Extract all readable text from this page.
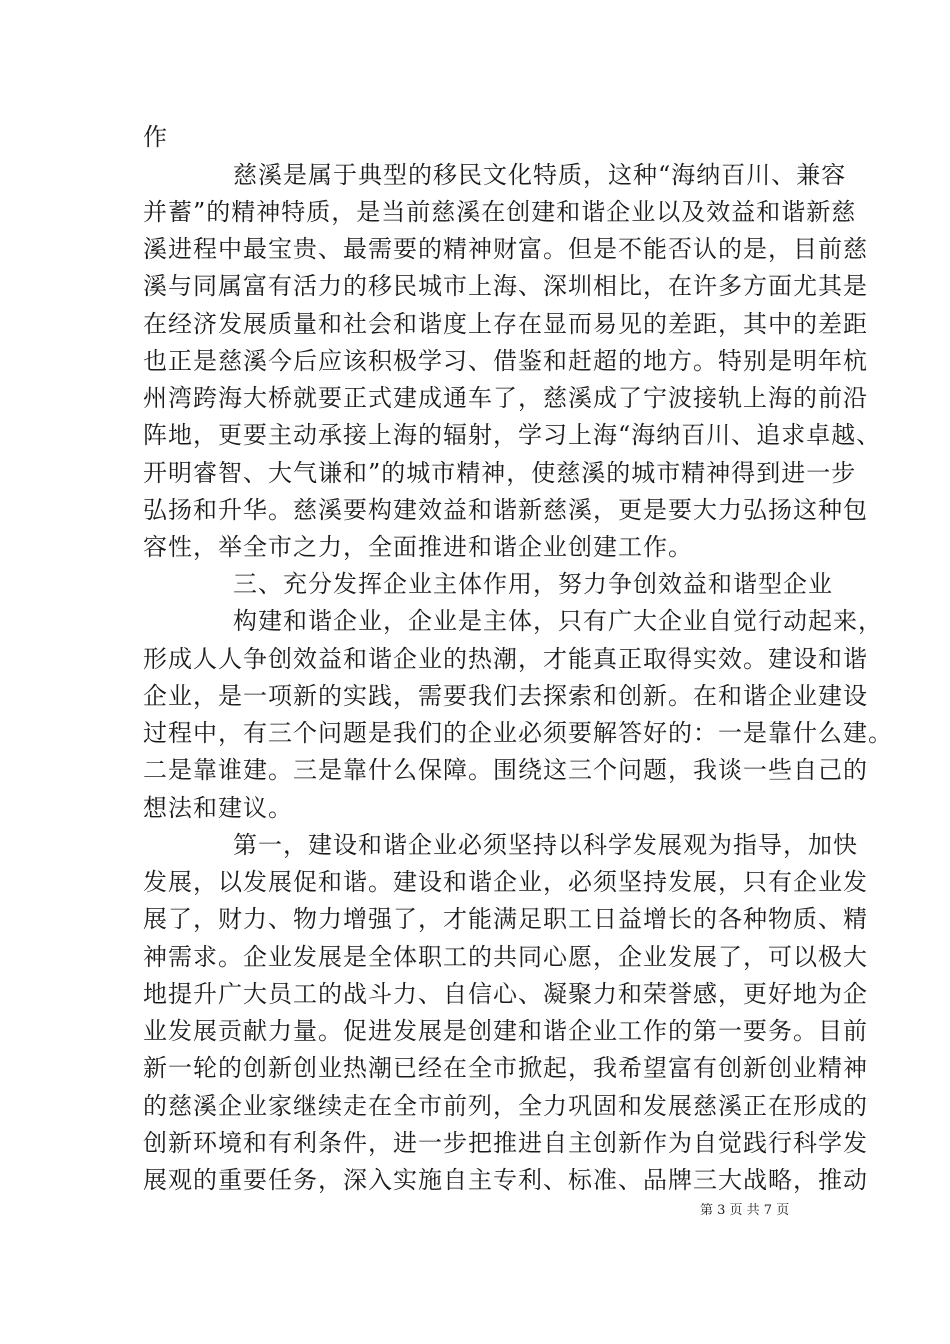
作
慈溪是属于典型的移民文化特质，这种“海纳百川、兼容
并蓄”的精神特质，是当前慈溪在创建和谐企业以及效益和谐新慈
溪进程中最宝贵、最需要的精神财富。但是不能否认的是，目前慈
溪与同属富有活力的移民城市上海、深圳相比，在许多方面尤其是
在经济发展质量和社会和谐度上存在显而易见的差距，其中的差距
也正是慈溪今后应该积极学习、借鉴和赶超的地方。特别是明年杭
州湾跨海大桥就要正式建成通车了，慈溪成了宁波接轨上海的前沿
阵地，更要主动承接上海的辐射，学习上海“海纳百川、追求卓越、
开明睿智、大气谦和”的城市精神，使慈溪的城市精神得到进一步
弘扬和升华。慈溪要构建效益和谐新慈溪，更是要大力弘扬这种包
容性，举全市之力，全面推进和谐企业创建工作。
三、充分发挥企业主体作用，努力争创效益和谐型企业
构建和谐企业，企业是主体，只有广大企业自觉行动起来，
形成人人争创效益和谐企业的热潮，才能真正取得实效。建设和谐
企业，是一项新的实践，需要我们去探索和创新。在和谐企业建设
过程中，有三个问题是我们的企业必须要解答好的：一是靠什么建。
二是靠谁建。三是靠什么保障。围绕这三个问题，我谈一些自己的
想法和建议。
第一，建设和谐企业必须坚持以科学发展观为指导，加快
发展，以发展促和谐。建设和谐企业，必须坚持发展，只有企业发
展了，财力、物力增强了，才能满足职工日益增长的各种物质、精
神需求。企业发展是全体职工的共同心愿，企业发展了，可以极大
地提升广大员工的战斗力、自信心、凝聚力和荣誉感，更好地为企
业发展贡献力量。促进发展是创建和谐企业工作的第一要务。目前
新一轮的创新创业热潮已经在全市掀起，我希望富有创新创业精神
的慈溪企业家继续走在全市前列，全力巩固和发展慈溪正在形成的
创新环境和有利条件，进一步把推进自主创新作为自觉践行科学发
展观的重要任务，深入实施自主专利、标准、品牌三大战略，推动
第 3 页 共 7 页
